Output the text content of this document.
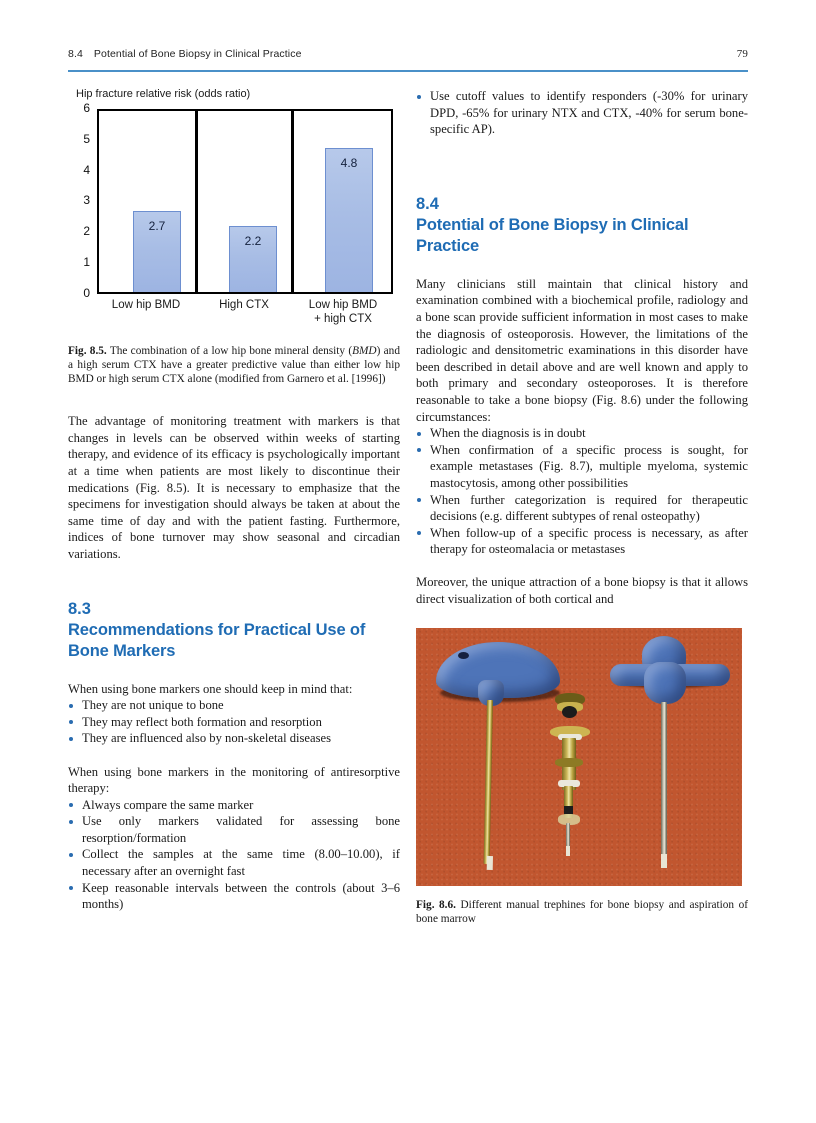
8.4 Potential of Bone Biopsy in Clinical Practice	79
Hip fracture relative risk (odds ratio)
6
5
4
3
2
1
0
2.7
2.2
4.8
Low hip BMD	High CTX	Low hip BMD
+ high CTX
Fig. 8.5. The combination of a low hip bone mineral density (BMD) and a high serum CTX have a greater predictive value than either low hip BMD or high serum CTX alone (modified from Garnero et al. [1996])

The advantage of monitoring treatment with markers is that changes in levels can be observed within weeks of starting therapy, and evidence of its efficacy is psychologically important at a time when patients are most likely to discontinue their medications (Fig. 8.5). It is necessary to emphasize that the specimens for investigation should always be taken at about the same time of day and with the patient fasting. Furthermore, indices of bone turnover may show seasonal and circadian variations.

8.3
Recommendations for Practical Use of Bone Markers

When using bone markers one should keep in mind that:

They are not unique to bone
They may reflect both formation and resorption
They are influenced also by non-skeletal diseases

When using bone markers in the monitoring of antiresorptive therapy:

Always compare the same marker
Use only markers validated for assessing bone resorption/formation
Collect the samples at the same time (8.00–10.00), if necessary after an overnight fast
Keep reasonable intervals between the controls (about 3–6 months)
Use cutoff values to identify responders (-30% for urinary DPD, -65% for urinary NTX and CTX, -40% for serum bone-specific AP).
8.4
Potential of Bone Biopsy in Clinical Practice

Many clinicians still maintain that clinical history and examination combined with a biochemical profile, radiology and a bone scan provide sufficient information in most cases to make the diagnosis of osteoporosis. However, the limitations of the radiologic and densitometric examinations in this disorder have been described in detail above and are well known and apply to both primary and secondary osteoporoses. It is therefore reasonable to take a bone biopsy (Fig. 8.6) under the following circumstances:

When the diagnosis is in doubt
When confirmation of a specific process is sought, for example metastases (Fig. 8.7), multiple myeloma, systemic mastocytosis, among other possibilities
When further categorization is required for therapeutic decisions (e.g. different subtypes of renal osteopathy)
When follow-up of a specific process is necessary, as after therapy for osteomalacia or metastases

Moreover, the unique attraction of a bone biopsy is that it allows direct visualization of both cortical and

Fig. 8.6. Different manual trephines for bone biopsy and aspiration of bone marrow
